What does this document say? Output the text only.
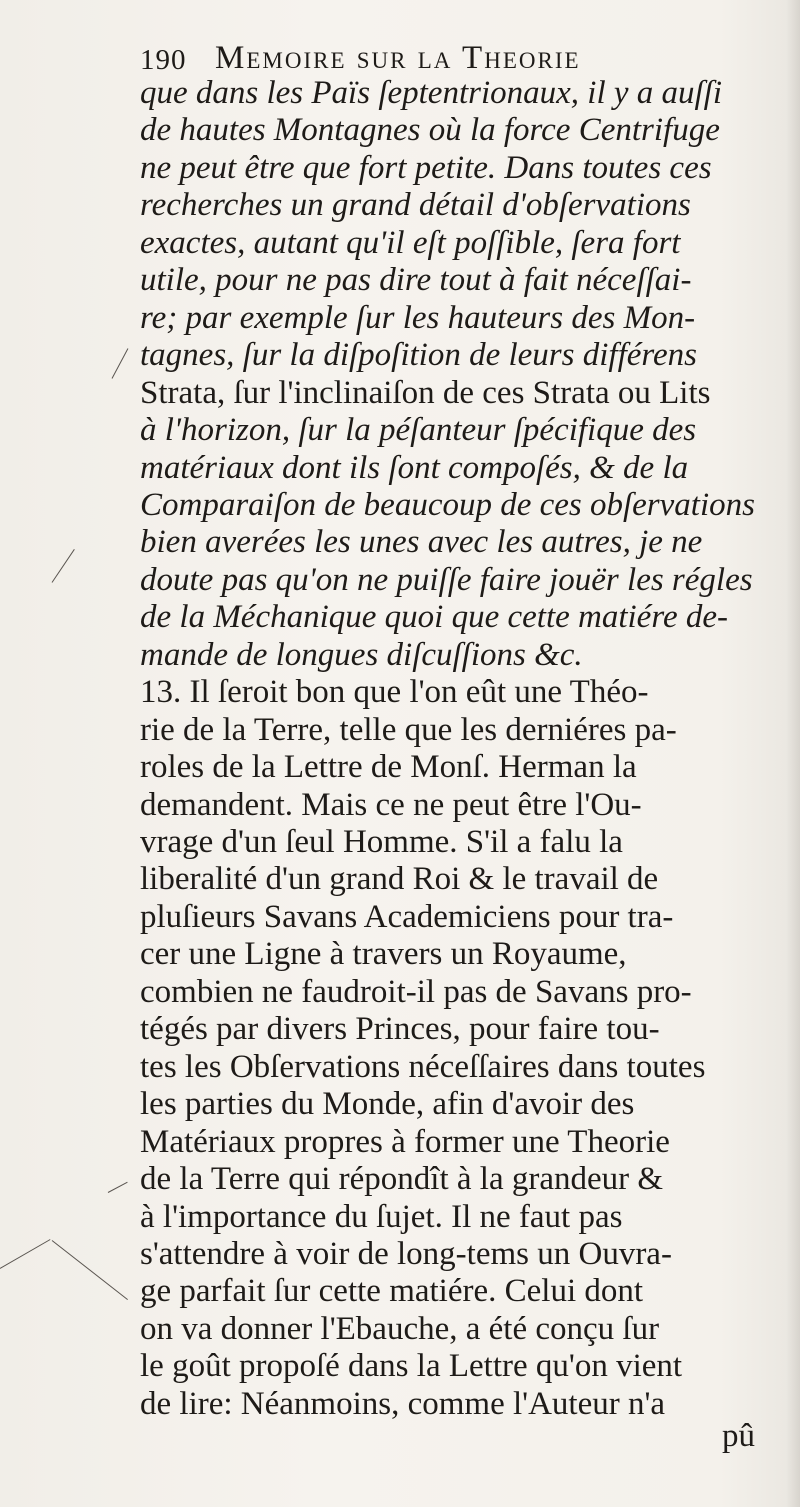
190 Memoire sur la Theorie
que dans les Païs ſeptentrionaux, il y a auſſi
de hautes Montagnes où la force Centrifuge
ne peut être que fort petite. Dans toutes ces
recherches un grand détail d'obſervations
exactes, autant qu'il eſt poſſible, ſera fort
utile, pour ne pas dire tout à fait néceſſai-
re; par exemple ſur les hauteurs des Mon-
tagnes, ſur la diſpoſition de leurs différens
Strata, ſur l'inclinaiſon de ces Strata ou Lits
à l'horizon, ſur la péſanteur ſpécifique des
matériaux dont ils ſont compoſés, & de la
Comparaiſon de beaucoup de ces obſervations
bien averées les unes avec les autres, je ne
doute pas qu'on ne puiſſe faire jouër les régles
de la Méchanique quoi que cette matiére de-
mande de longues diſcuſſions &c.
13. Il ſeroit bon que l'on eût une Théo-
rie de la Terre, telle que les derniéres pa-
roles de la Lettre de Monſ. Herman la
demandent. Mais ce ne peut être l'Ou-
vrage d'un ſeul Homme. S'il a falu la
liberalité d'un grand Roi & le travail de
pluſieurs Savans Academiciens pour tra-
cer une Ligne à travers un Royaume,
combien ne faudroit-il pas de Savans pro-
tégés par divers Princes, pour faire tou-
tes les Obſervations néceſſaires dans toutes
les parties du Monde, afin d'avoir des
Matériaux propres à former une Theorie
de la Terre qui répondît à la grandeur &
à l'importance du ſujet. Il ne faut pas
s'attendre à voir de long-tems un Ouvra-
ge parfait ſur cette matiére. Celui dont
on va donner l'Ebauche, a été conçu ſur
le goût propoſé dans la Lettre qu'on vient
de lire: Néanmoins, comme l'Auteur n'a
pû
